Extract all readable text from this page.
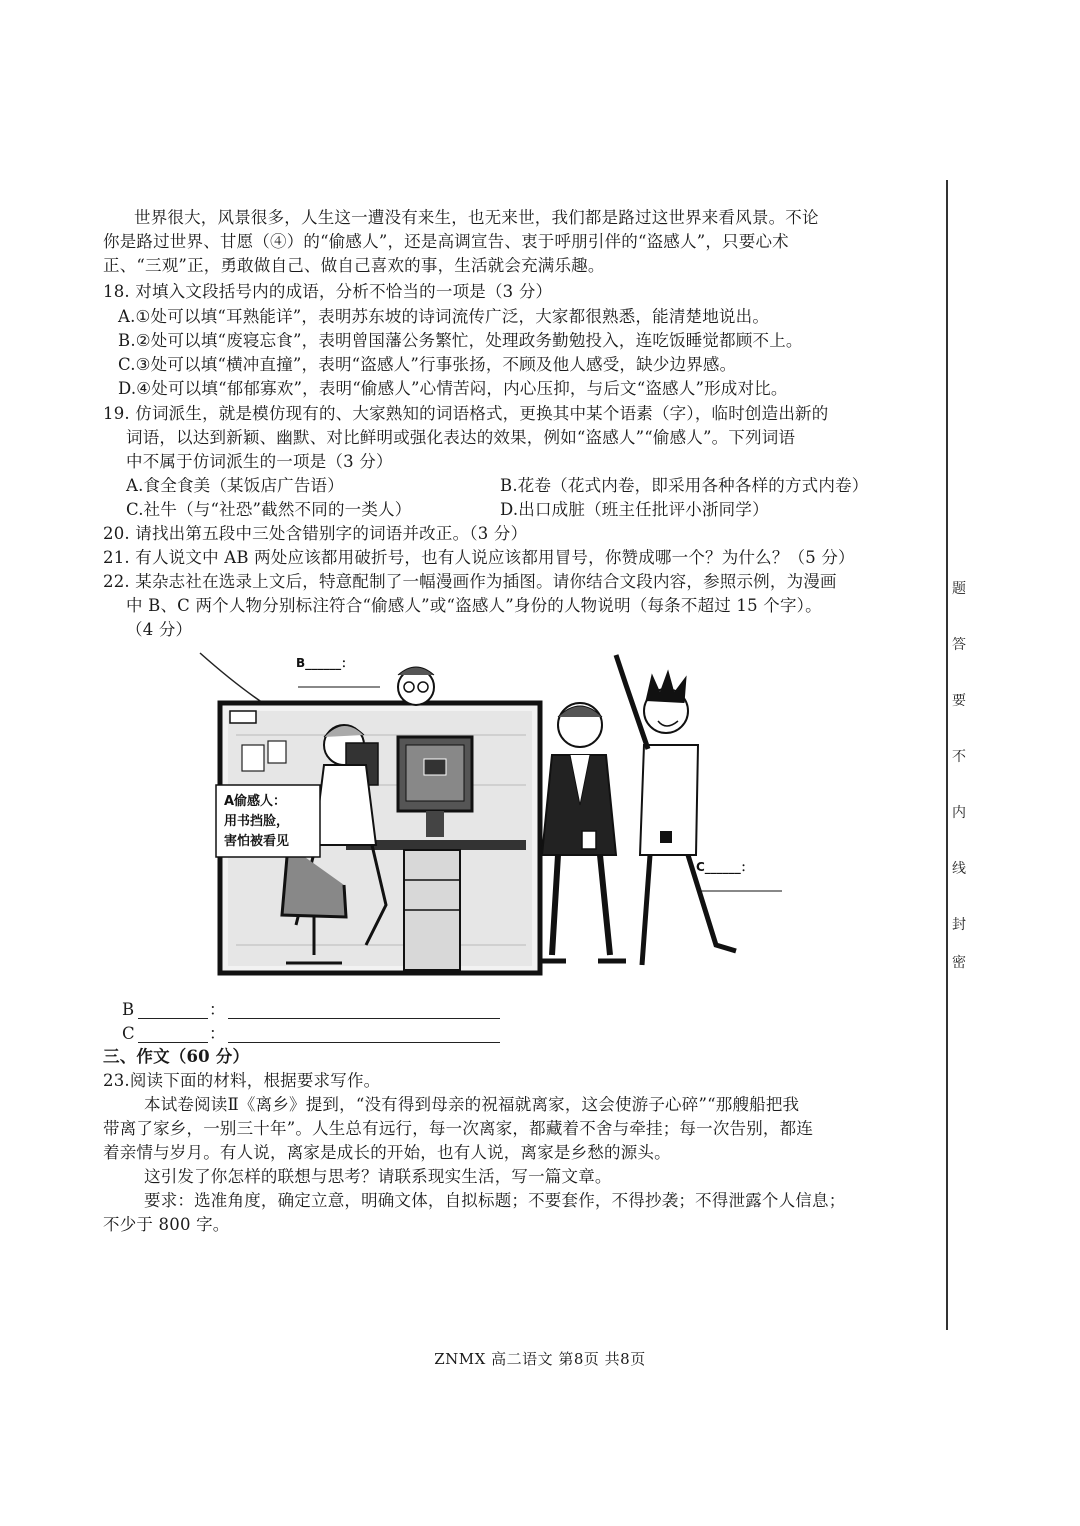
世界很大，风景很多，人生这一遭没有来生，也无来世，我们都是路过这世界来看风景。不论
你是路过世界、甘愿（④）的“偷感人”，还是高调宣告、衷于呼朋引伴的“盗感人”，只要心术
正、“三观”正，勇敢做自己、做自己喜欢的事，生活就会充满乐趣。
18. 对填入文段括号内的成语，分析不恰当的一项是（3 分）
A.①处可以填“耳熟能详”，表明苏东坡的诗词流传广泛，大家都很熟悉，能清楚地说出。
B.②处可以填“废寝忘食”，表明曾国藩公务繁忙，处理政务勤勉投入，连吃饭睡觉都顾不上。
C.③处可以填“横冲直撞”，表明“盗感人”行事张扬，不顾及他人感受，缺少边界感。
D.④处可以填“郁郁寡欢”，表明“偷感人”心情苦闷，内心压抑，与后文“盗感人”形成对比。
19. 仿词派生，就是模仿现有的、大家熟知的词语格式，更换其中某个语素（字），临时创造出新的
词语，以达到新颖、幽默、对比鲜明或强化表达的效果，例如“盗感人”“偷感人”。下列词语
中不属于仿词派生的一项是（3 分）
A.食全食美（某饭店广告语）	B.花卷（花式内卷，即采用各种各样的方式内卷）
C.社牛（与“社恐”截然不同的一类人）	D.出口成脏（班主任批评小浙同学）
20. 请找出第五段中三处含错别字的词语并改正。（3 分）
21. 有人说文中 AB 两处应该都用破折号，也有人说应该都用冒号，你赞成哪一个？为什么？（5 分）
22. 某杂志社在选录上文后，特意配制了一幅漫画作为插图。请你结合文段内容，参照示例，为漫画
中 B、C 两个人物分别标注符合“偷感人”或“盗感人”身份的人物说明（每条不超过 15 个字）。
（4 分）
A偷感人：
用书挡脸，
害怕被看见
B______：
C______：
B	：
C	：
三、作文（60 分）
23.阅读下面的材料，根据要求写作。
本试卷阅读Ⅱ《离乡》提到，“没有得到母亲的祝福就离家，这会使游子心碎”“那艘船把我
带离了家乡，一别三十年”。人生总有远行，每一次离家，都藏着不舍与牵挂；每一次告别，都连
着亲情与岁月。有人说，离家是成长的开始，也有人说，离家是乡愁的源头。
这引发了你怎样的联想与思考？请联系现实生活，写一篇文章。
要求：选准角度，确定立意，明确文体，自拟标题；不要套作，不得抄袭；不得泄露个人信息；
不少于 800 字。
题
答
要
不
内
线
封
密
ZNMX 高二语文 第8页 共8页
